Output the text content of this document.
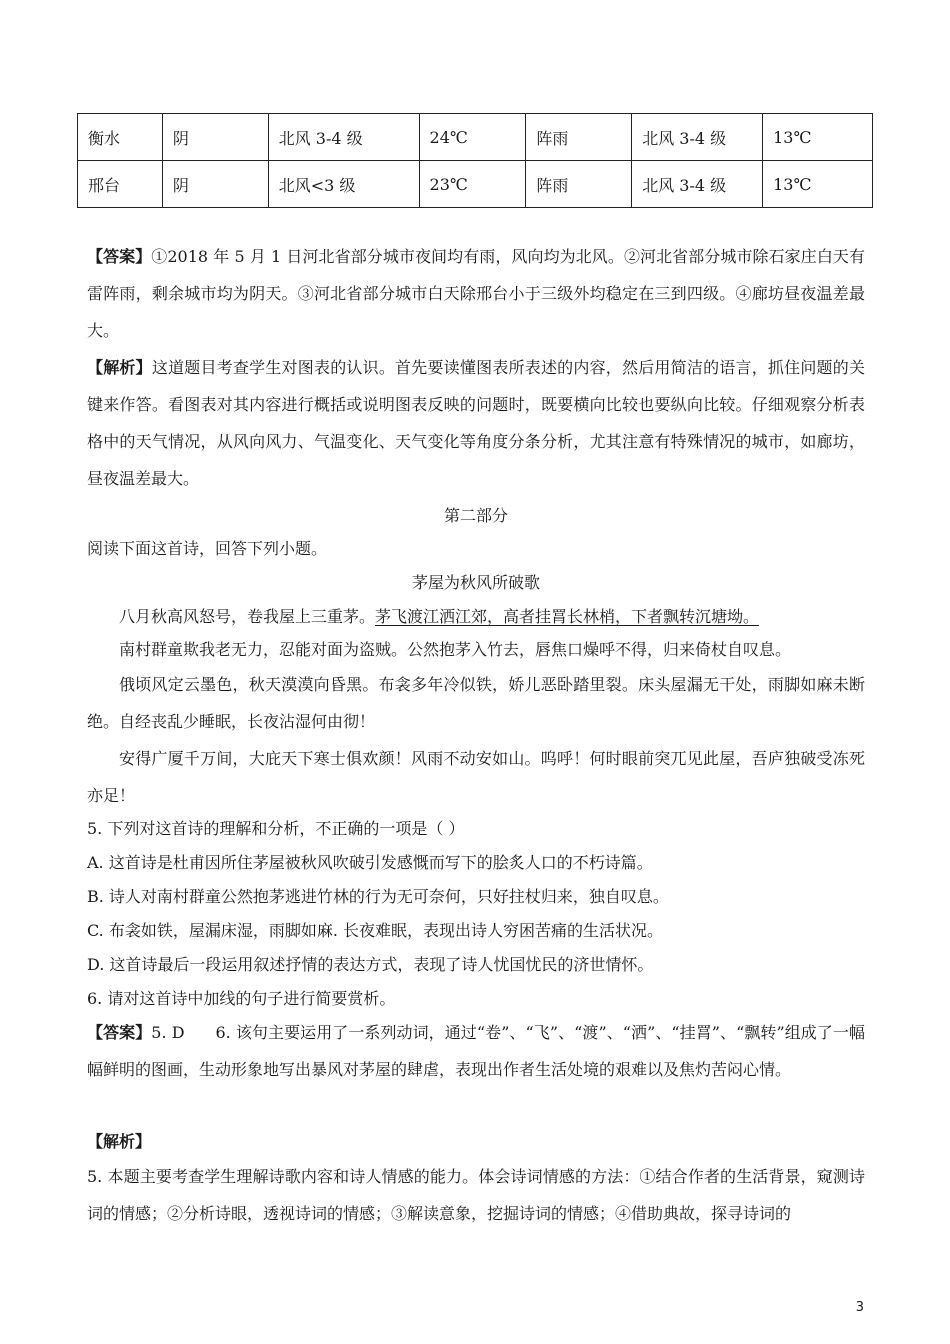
衡水	阴	北风 3-4 级	24℃	阵雨	北风 3-4 级	13℃
邢台	阴	北风<3 级	23℃	阵雨	北风 3-4 级	13℃

【答案】①2018 年 5 月 1 日河北省部分城市夜间均有雨，风向均为北风。②河北省部分城市除石家庄白天有雷阵雨，剩余城市均为阴天。③河北省部分城市白天除邢台小于三级外均稳定在三到四级。④廊坊昼夜温差最大。

【解析】这道题目考查学生对图表的认识。首先要读懂图表所表述的内容，然后用简洁的语言，抓住问题的关键来作答。看图表对其内容进行概括或说明图表反映的问题时，既要横向比较也要纵向比较。仔细观察分析表格中的天气情况，从风向风力、气温变化、天气变化等角度分条分析，尤其注意有特殊情况的城市，如廊坊，昼夜温差最大。

第二部分

阅读下面这首诗，回答下列小题。

茅屋为秋风所破歌

八月秋高风怒号，卷我屋上三重茅。茅飞渡江洒江郊，高者挂罥长林梢，下者飘转沉塘坳。

南村群童欺我老无力，忍能对面为盗贼。公然抱茅入竹去，唇焦口燥呼不得，归来倚杖自叹息。

俄顷风定云墨色，秋天漠漠向昏黑。布衾多年冷似铁，娇儿恶卧踏里裂。床头屋漏无干处，雨脚如麻未断绝。自经丧乱少睡眠，长夜沾湿何由彻！

安得广厦千万间，大庇天下寒士俱欢颜！风雨不动安如山。呜呼！何时眼前突兀见此屋，吾庐独破受冻死亦足！

5. 下列对这首诗的理解和分析，不正确的一项是（ ）

A. 这首诗是杜甫因所住茅屋被秋风吹破引发感慨而写下的脍炙人口的不朽诗篇。

B. 诗人对南村群童公然抱茅逃进竹林的行为无可奈何，只好拄杖归来，独自叹息。

C. 布衾如铁，屋漏床湿，雨脚如麻. 长夜难眠，表现出诗人穷困苦痛的生活状况。

D. 这首诗最后一段运用叙述抒情的表达方式，表现了诗人忧国忧民的济世情怀。

6. 请对这首诗中加线的句子进行简要赏析。

【答案】5. D      6. 该句主要运用了一系列动词，通过“卷”、“飞”、“渡”、“洒”、“挂罥”、“飘转”组成了一幅幅鲜明的图画，生动形象地写出暴风对茅屋的肆虐，表现出作者生活处境的艰难以及焦灼苦闷心情。

【解析】

5. 本题主要考查学生理解诗歌内容和诗人情感的能力。体会诗词情感的方法：①结合作者的生活背景，窥测诗词的情感；②分析诗眼，透视诗词的情感；③解读意象，挖掘诗词的情感；④借助典故，探寻诗词的

3
